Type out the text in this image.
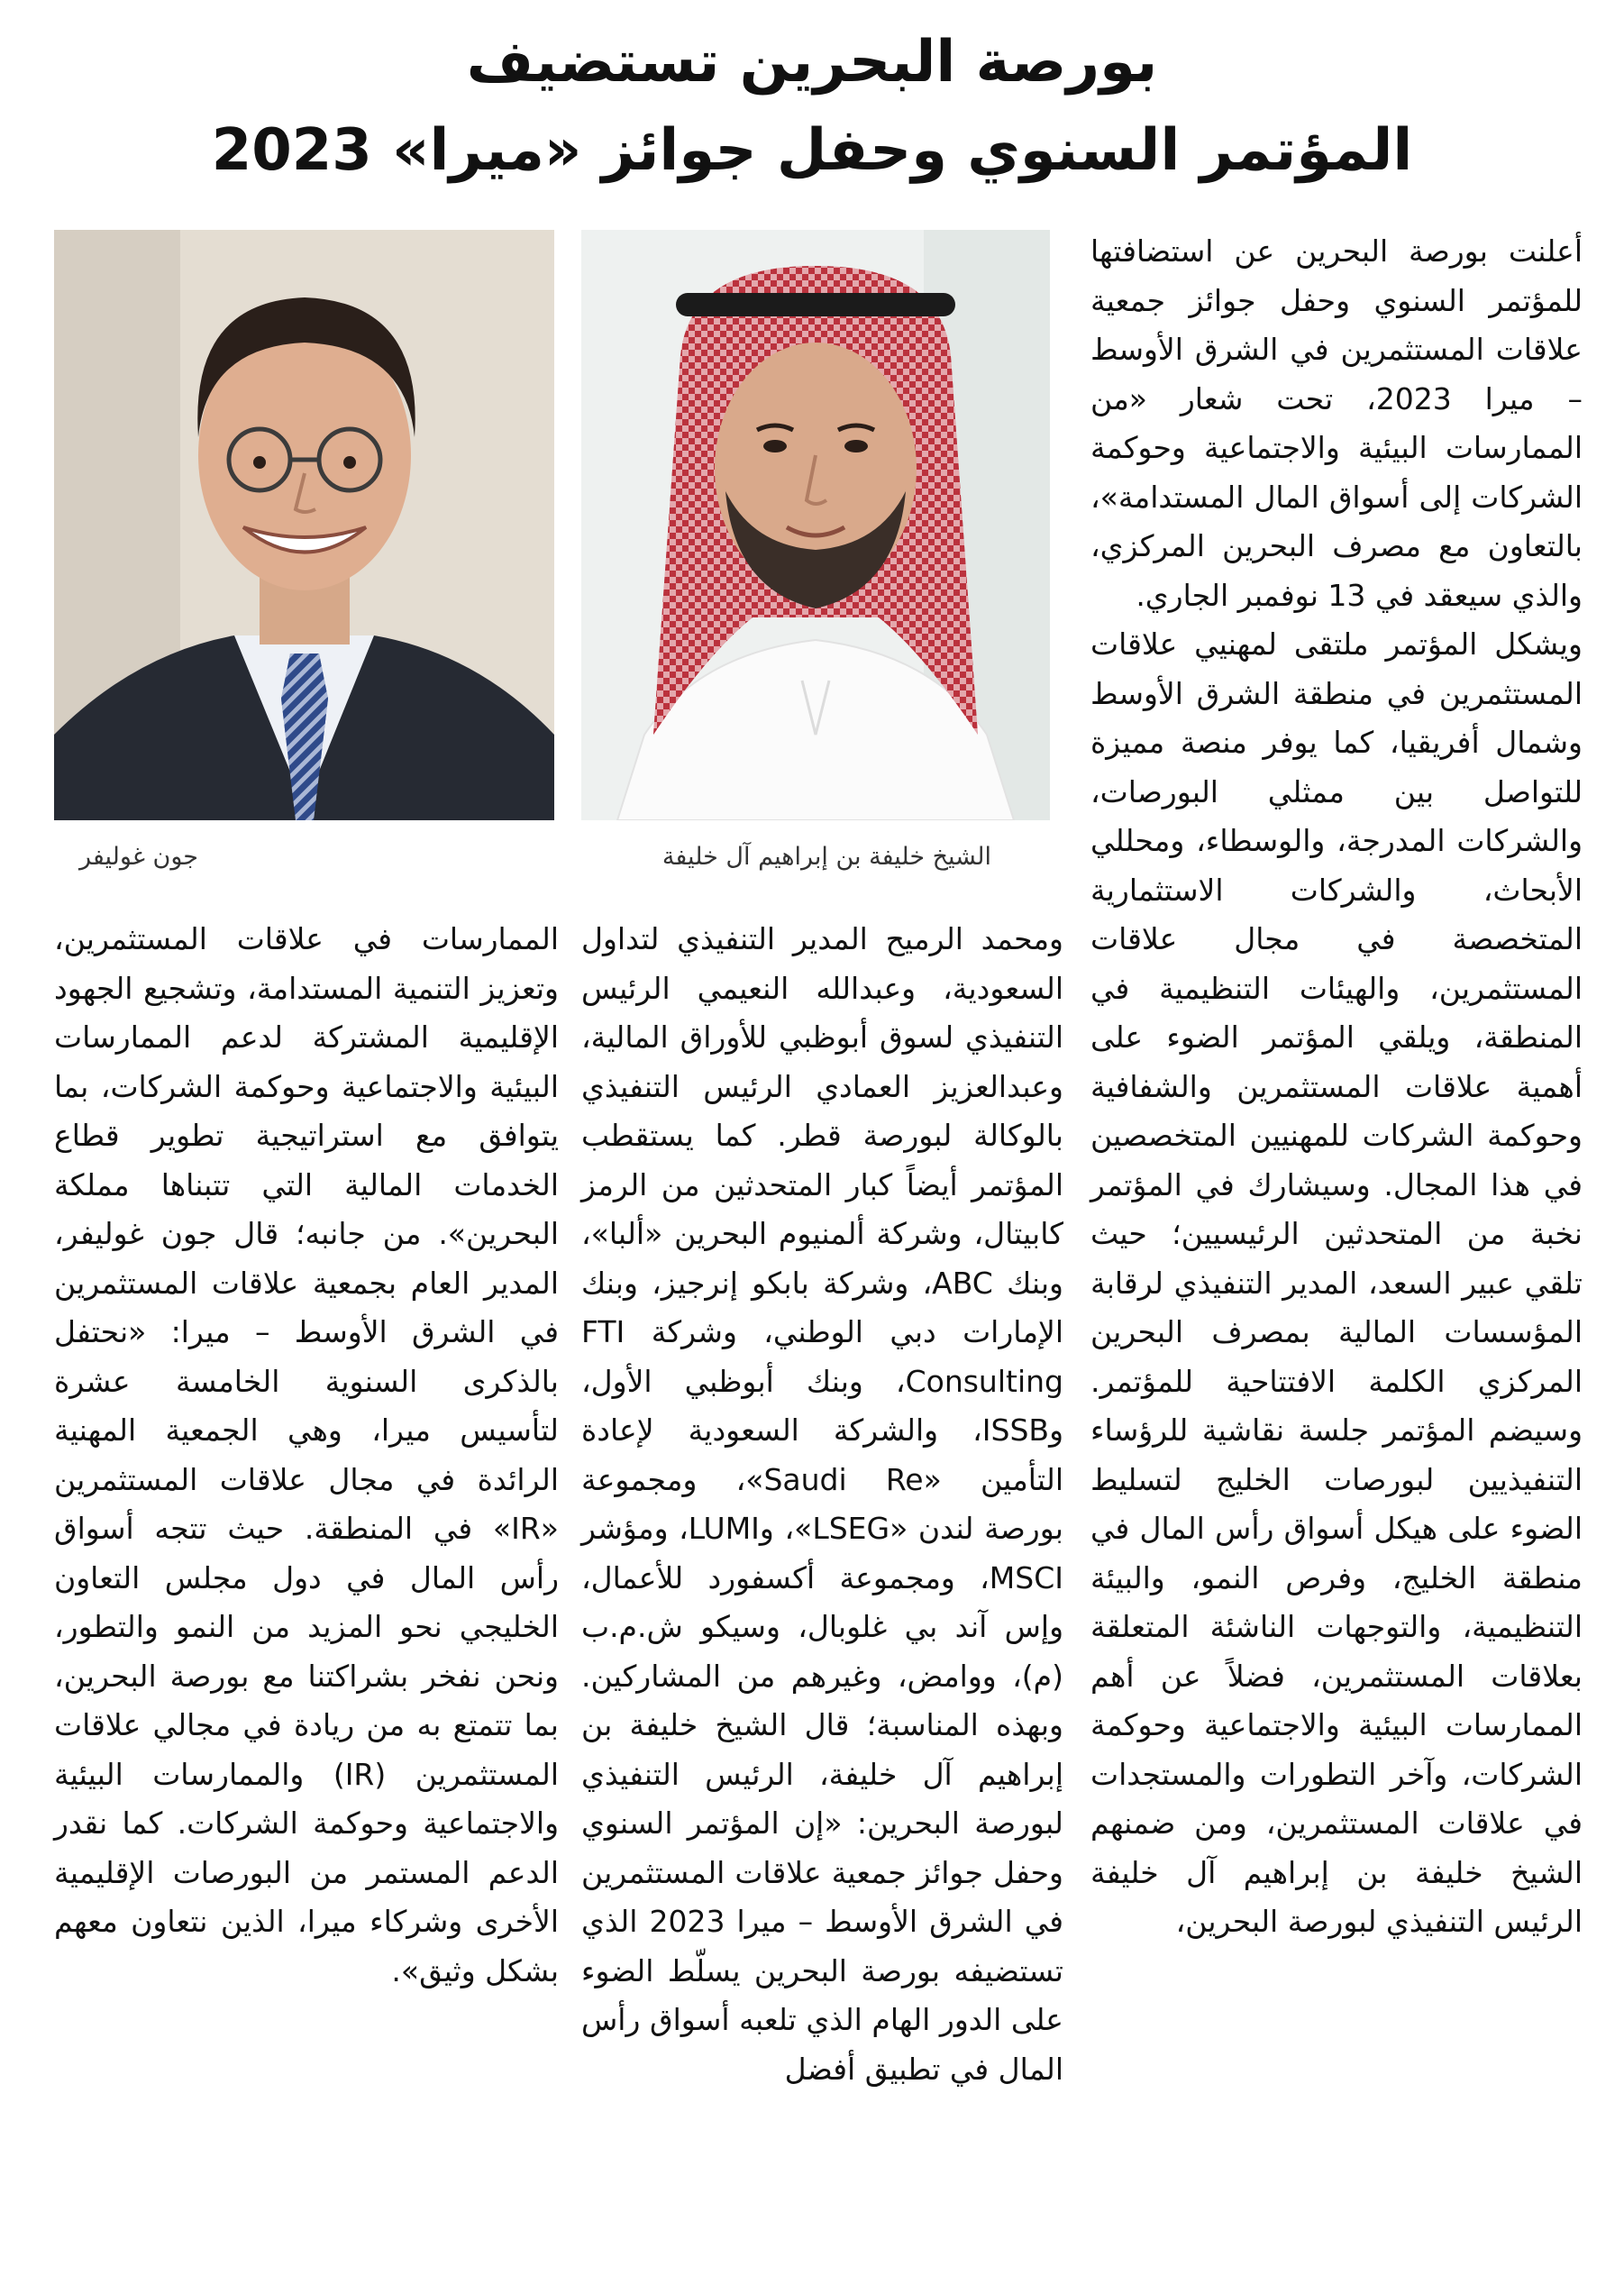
بورصة البحرين تستضيف
المؤتمر السنوي وحفل جوائز «ميرا» 2023

الشيخ خليفة بن إبراهيم آل خليفة

جون غوليفر

أعلنت بورصة البحرين عن استضافتها للمؤتمر السنوي وحفل جوائز جمعية علاقات المستثمرين في الشرق الأوسط – ميرا 2023، تحت شعار «من الممارسات البيئية والاجتماعية وحوكمة الشركات إلى أسواق المال المستدامة»، بالتعاون مع مصرف البحرين المركزي، والذي سيعقد في 13 نوفمبر الجاري.

ويشكل المؤتمر ملتقى لمهنيي علاقات المستثمرين في منطقة الشرق الأوسط وشمال أفريقيا، كما يوفر منصة مميزة للتواصل بين ممثلي البورصات، والشركات المدرجة، والوسطاء، ومحللي الأبحاث، والشركات الاستثمارية المتخصصة في مجال علاقات المستثمرين، والهيئات التنظيمية في المنطقة، ويلقي المؤتمر الضوء على أهمية علاقات المستثمرين والشفافية وحوكمة الشركات للمهنيين المتخصصين في هذا المجال. وسيشارك في المؤتمر نخبة من المتحدثين الرئيسيين؛ حيث تلقي عبير السعد، المدير التنفيذي لرقابة المؤسسات المالية بمصرف البحرين المركزي الكلمة الافتتاحية للمؤتمر. وسيضم المؤتمر جلسة نقاشية للرؤساء التنفيذيين لبورصات الخليج لتسليط الضوء على هيكل أسواق رأس المال في منطقة الخليج، وفرص النمو، والبيئة التنظيمية، والتوجهات الناشئة المتعلقة بعلاقات المستثمرين، فضلاً عن أهم الممارسات البيئية والاجتماعية وحوكمة الشركات، وآخر التطورات والمستجدات في علاقات المستثمرين، ومن ضمنهم الشيخ خليفة بن إبراهيم آل خليفة الرئيس التنفيذي لبورصة البحرين،

ومحمد الرميح المدير التنفيذي لتداول السعودية، وعبدالله النعيمي الرئيس التنفيذي لسوق أبوظبي للأوراق المالية، وعبدالعزيز العمادي الرئيس التنفيذي بالوكالة لبورصة قطر. كما يستقطب المؤتمر أيضاً كبار المتحدثين من الرمز كابيتال، وشركة ألمنيوم البحرين «ألبا»، وبنك ABC، وشركة بابكو إنرجيز، وبنك الإمارات دبي الوطني، وشركة FTI Consulting، وبنك أبوظبي الأول، وISSB، والشركة السعودية لإعادة التأمين «Saudi Re»، ومجموعة بورصة لندن «LSEG»، وLUMI، ومؤشر MSCI، ومجموعة أكسفورد للأعمال، وإس آند بي غلوبال، وسيكو ش.م.ب (م)، ووامض، وغيرهم من المشاركين. وبهذه المناسبة؛ قال الشيخ خليفة بن إبراهيم آل خليفة، الرئيس التنفيذي لبورصة البحرين: «إن المؤتمر السنوي وحفل جوائز جمعية علاقات المستثمرين في الشرق الأوسط – ميرا 2023 الذي تستضيفه بورصة البحرين يسلّط الضوء على الدور الهام الذي تلعبه أسواق رأس المال في تطبيق أفضل

الممارسات في علاقات المستثمرين، وتعزيز التنمية المستدامة، وتشجيع الجهود الإقليمية المشتركة لدعم الممارسات البيئية والاجتماعية وحوكمة الشركات، بما يتوافق مع استراتيجية تطوير قطاع الخدمات المالية التي تتبناها مملكة البحرين». من جانبه؛ قال جون غوليفر، المدير العام بجمعية علاقات المستثمرين في الشرق الأوسط – ميرا: «نحتفل بالذكرى السنوية الخامسة عشرة لتأسيس ميرا، وهي الجمعية المهنية الرائدة في مجال علاقات المستثمرين «IR» في المنطقة. حيث تتجه أسواق رأس المال في دول مجلس التعاون الخليجي نحو المزيد من النمو والتطور، ونحن نفخر بشراكتنا مع بورصة البحرين، بما تتمتع به من ريادة في مجالي علاقات المستثمرين (IR) والممارسات البيئية والاجتماعية وحوكمة الشركات. كما نقدر الدعم المستمر من البورصات الإقليمية الأخرى وشركاء ميرا، الذين نتعاون معهم بشكل وثيق».
